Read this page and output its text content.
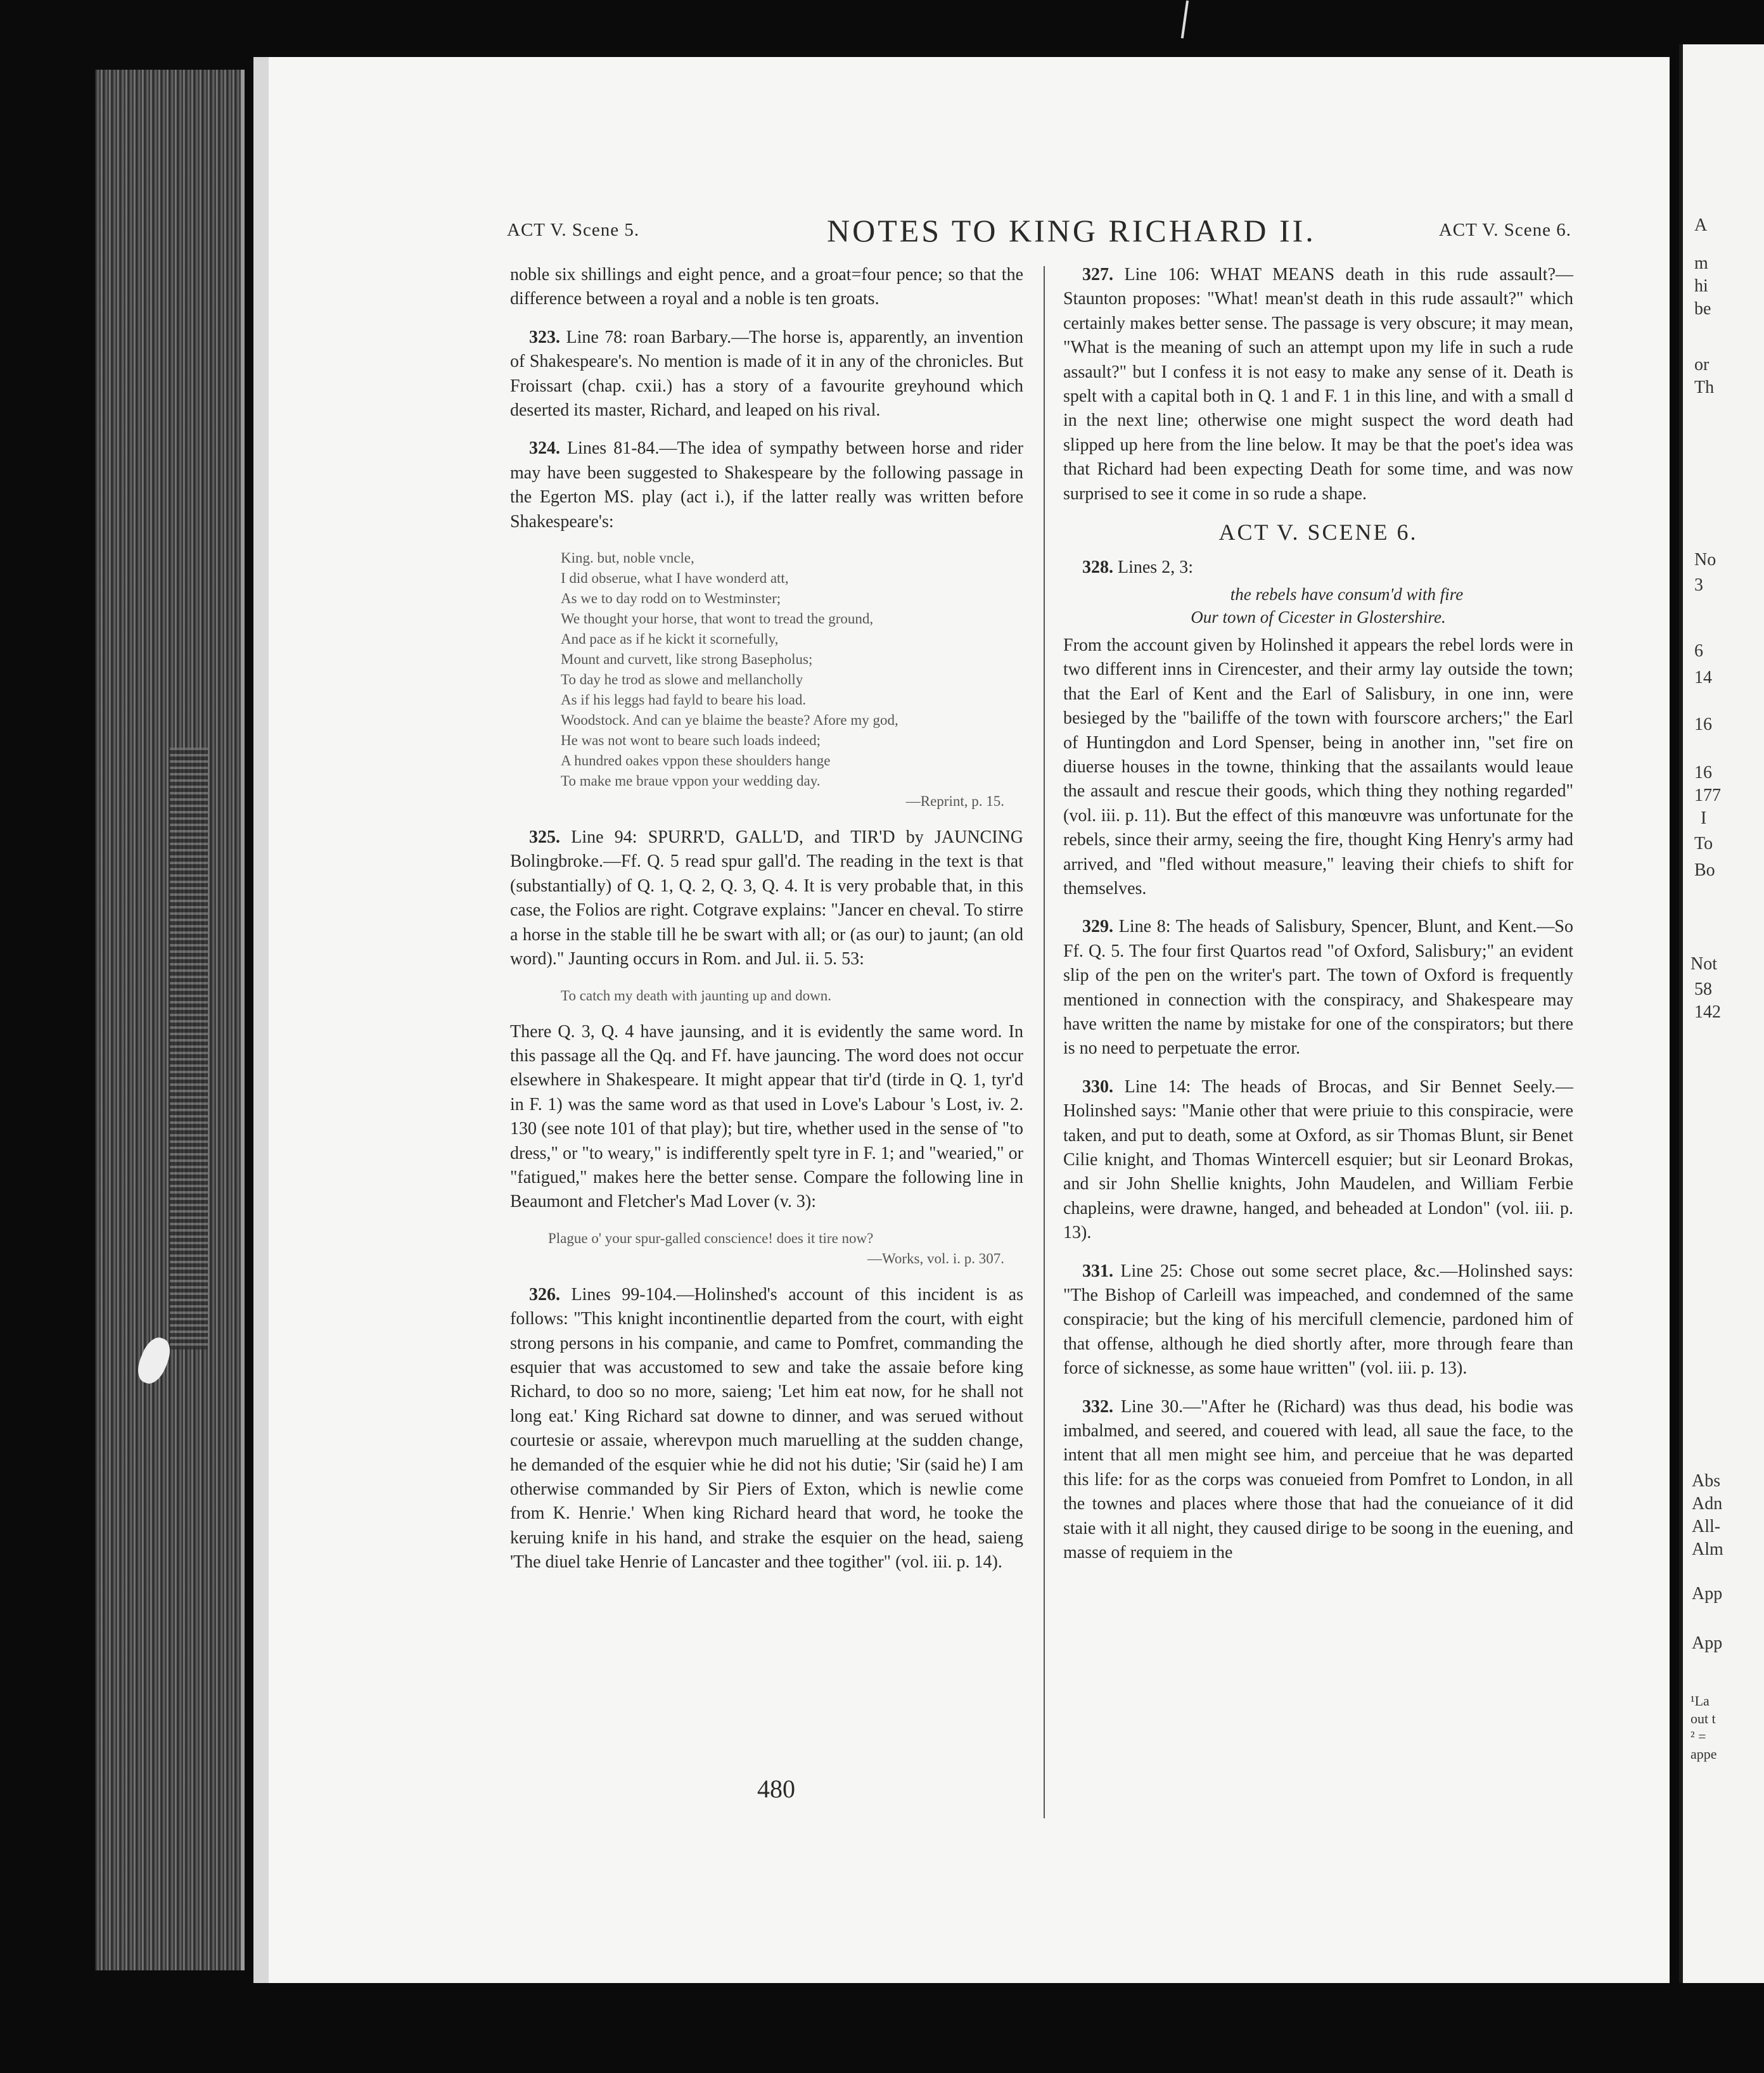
A
m
hi
be
or
Th
No
3
6
14
16
16
177
I
To
Bo
Not
58
142
Abs
Adn
All-
Alm
App
App
¹La
out t
² =
appe
ACT V. Scene 5.	NOTES TO KING RICHARD II.	ACT V. Scene 6.

noble six shillings and eight pence, and a groat=four pence; so that the difference between a royal and a noble is ten groats.

323. Line 78: roan Barbary.—The horse is, apparently, an invention of Shakespeare's. No mention is made of it in any of the chronicles. But Froissart (chap. cxii.) has a story of a favourite greyhound which deserted its master, Richard, and leaped on his rival.

324. Lines 81-84.—The idea of sympathy between horse and rider may have been suggested to Shakespeare by the following passage in the Egerton MS. play (act i.), if the latter really was written before Shakespeare's:

King. but, noble vncle,
I did obserue, what I have wonderd att,
As we to day rodd on to Westminster;
We thought your horse, that wont to tread the ground,
And pace as if he kickt it scornefully,
Mount and curvett, like strong Basepholus;
To day he trod as slowe and mellancholly
As if his leggs had fayld to beare his load.
Woodstock. And can ye blaime the beaste? Afore my god,
He was not wont to beare such loads indeed;
A hundred oakes vppon these shoulders hange
To make me braue vppon your wedding day.
—Reprint, p. 15.

325. Line 94: SPURR'D, GALL'D, and TIR'D by JAUNCING Bolingbroke.—Ff. Q. 5 read spur gall'd. The reading in the text is that (substantially) of Q. 1, Q. 2, Q. 3, Q. 4. It is very probable that, in this case, the Folios are right. Cotgrave explains: "Jancer en cheval. To stirre a horse in the stable till he be swart with all; or (as our) to jaunt; (an old word)." Jaunting occurs in Rom. and Jul. ii. 5. 53:

To catch my death with jaunting up and down.

There Q. 3, Q. 4 have jaunsing, and it is evidently the same word. In this passage all the Qq. and Ff. have jauncing. The word does not occur elsewhere in Shakespeare. It might appear that tir'd (tirde in Q. 1, tyr'd in F. 1) was the same word as that used in Love's Labour 's Lost, iv. 2. 130 (see note 101 of that play); but tire, whether used in the sense of "to dress," or "to weary," is indifferently spelt tyre in F. 1; and "wearied," or "fatigued," makes here the better sense. Compare the following line in Beaumont and Fletcher's Mad Lover (v. 3):

Plague o' your spur-galled conscience! does it tire now?
—Works, vol. i. p. 307.

326. Lines 99-104.—Holinshed's account of this incident is as follows: "This knight incontinentlie departed from the court, with eight strong persons in his companie, and came to Pomfret, commanding the esquier that was accustomed to sew and take the assaie before king Richard, to doo so no more, saieng; 'Let him eat now, for he shall not long eat.' King Richard sat downe to dinner, and was serued without courtesie or assaie, wherevpon much maruelling at the sudden change, he demanded of the esquier whie he did not his dutie; 'Sir (said he) I am otherwise commanded by Sir Piers of Exton, which is newlie come from K. Henrie.' When king Richard heard that word, he tooke the keruing knife in his hand, and strake the esquier on the head, saieng 'The diuel take Henrie of Lancaster and thee togither" (vol. iii. p. 14).

327. Line 106: WHAT MEANS death in this rude assault?—Staunton proposes: "What! mean'st death in this rude assault?" which certainly makes better sense. The passage is very obscure; it may mean, "What is the meaning of such an attempt upon my life in such a rude assault?" but I confess it is not easy to make any sense of it. Death is spelt with a capital both in Q. 1 and F. 1 in this line, and with a small d in the next line; otherwise one might suspect the word death had slipped up here from the line below. It may be that the poet's idea was that Richard had been expecting Death for some time, and was now surprised to see it come in so rude a shape.

ACT V. SCENE 6.

328. Lines 2, 3:

the rebels have consum'd with fire
Our town of Cicester in Glostershire.

From the account given by Holinshed it appears the rebel lords were in two different inns in Cirencester, and their army lay outside the town; that the Earl of Kent and the Earl of Salisbury, in one inn, were besieged by the "bailiffe of the town with fourscore archers;" the Earl of Huntingdon and Lord Spenser, being in another inn, "set fire on diuerse houses in the towne, thinking that the assailants would leaue the assault and rescue their goods, which thing they nothing regarded" (vol. iii. p. 11). But the effect of this manœuvre was unfortunate for the rebels, since their army, seeing the fire, thought King Henry's army had arrived, and "fled without measure," leaving their chiefs to shift for themselves.

329. Line 8: The heads of Salisbury, Spencer, Blunt, and Kent.—So Ff. Q. 5. The four first Quartos read "of Oxford, Salisbury;" an evident slip of the pen on the writer's part. The town of Oxford is frequently mentioned in connection with the conspiracy, and Shakespeare may have written the name by mistake for one of the conspirators; but there is no need to perpetuate the error.

330. Line 14: The heads of Brocas, and Sir Bennet Seely.—Holinshed says: "Manie other that were priuie to this conspiracie, were taken, and put to death, some at Oxford, as sir Thomas Blunt, sir Benet Cilie knight, and Thomas Wintercell esquier; but sir Leonard Brokas, and sir John Shellie knights, John Maudelen, and William Ferbie chapleins, were drawne, hanged, and beheaded at London" (vol. iii. p. 13).

331. Line 25: Chose out some secret place, &c.—Holinshed says: "The Bishop of Carleill was impeached, and condemned of the same conspiracie; but the king of his mercifull clemencie, pardoned him of that offense, although he died shortly after, more through feare than force of sicknesse, as some haue written" (vol. iii. p. 13).

332. Line 30.—"After he (Richard) was thus dead, his bodie was imbalmed, and seered, and couered with lead, all saue the face, to the intent that all men might see him, and perceiue that he was departed this life: for as the corps was conueied from Pomfret to London, in all the townes and places where those that had the conueiance of it did staie with it all night, they caused dirige to be soong in the euening, and masse of requiem in the

480
